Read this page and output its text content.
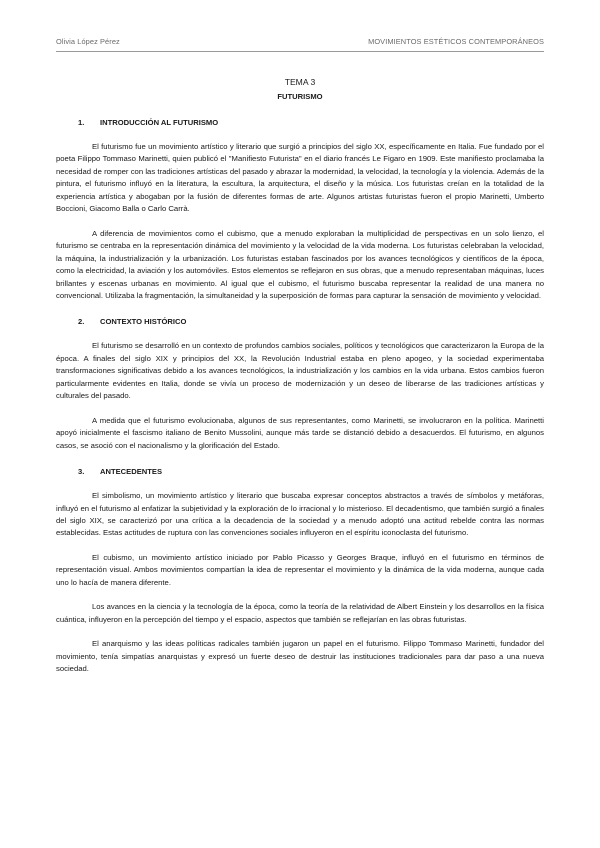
Olivia López Pérez	MOVIMIENTOS ESTÉTICOS CONTEMPORÁNEOS

TEMA 3

FUTURISMO

1. INTRODUCCIÓN AL FUTURISMO

El futurismo fue un movimiento artístico y literario que surgió a principios del siglo XX, específicamente en Italia. Fue fundado por el poeta Filippo Tommaso Marinetti, quien publicó el "Manifiesto Futurista" en el diario francés Le Figaro en 1909. Este manifiesto proclamaba la necesidad de romper con las tradiciones artísticas del pasado y abrazar la modernidad, la velocidad, la tecnología y la violencia. Además de la pintura, el futurismo influyó en la literatura, la escultura, la arquitectura, el diseño y la música. Los futuristas creían en la totalidad de la experiencia artística y abogaban por la fusión de diferentes formas de arte. Algunos artistas futuristas fueron el propio Marinetti, Umberto Boccioni, Giacomo Balla o Carlo Carrà.

A diferencia de movimientos como el cubismo, que a menudo exploraban la multiplicidad de perspectivas en un solo lienzo, el futurismo se centraba en la representación dinámica del movimiento y la velocidad de la vida moderna. Los futuristas celebraban la velocidad, la máquina, la industrialización y la urbanización. Los futuristas estaban fascinados por los avances tecnológicos y científicos de la época, como la electricidad, la aviación y los automóviles. Estos elementos se reflejaron en sus obras, que a menudo representaban máquinas, luces brillantes y escenas urbanas en movimiento. Al igual que el cubismo, el futurismo buscaba representar la realidad de una manera no convencional. Utilizaba la fragmentación, la simultaneidad y la superposición de formas para capturar la sensación de movimiento y velocidad.

2. CONTEXTO HISTÓRICO

El futurismo se desarrolló en un contexto de profundos cambios sociales, políticos y tecnológicos que caracterizaron la Europa de la época. A finales del siglo XIX y principios del XX, la Revolución Industrial estaba en pleno apogeo, y la sociedad experimentaba transformaciones significativas debido a los avances tecnológicos, la industrialización y los cambios en la vida urbana. Estos cambios fueron particularmente evidentes en Italia, donde se vivía un proceso de modernización y un deseo de liberarse de las tradiciones artísticas y culturales del pasado.

A medida que el futurismo evolucionaba, algunos de sus representantes, como Marinetti, se involucraron en la política. Marinetti apoyó inicialmente el fascismo italiano de Benito Mussolini, aunque más tarde se distanció debido a desacuerdos. El futurismo, en algunos casos, se asoció con el nacionalismo y la glorificación del Estado.

3. ANTECEDENTES

El simbolismo, un movimiento artístico y literario que buscaba expresar conceptos abstractos a través de símbolos y metáforas, influyó en el futurismo al enfatizar la subjetividad y la exploración de lo irracional y lo misterioso. El decadentismo, que también surgió a finales del siglo XIX, se caracterizó por una crítica a la decadencia de la sociedad y a menudo adoptó una actitud rebelde contra las normas establecidas. Estas actitudes de ruptura con las convenciones sociales influyeron en el espíritu iconoclasta del futurismo.

El cubismo, un movimiento artístico iniciado por Pablo Picasso y Georges Braque, influyó en el futurismo en términos de representación visual. Ambos movimientos compartían la idea de representar el movimiento y la dinámica de la vida moderna, aunque cada uno lo hacía de manera diferente.

Los avances en la ciencia y la tecnología de la época, como la teoría de la relatividad de Albert Einstein y los desarrollos en la física cuántica, influyeron en la percepción del tiempo y el espacio, aspectos que también se reflejarían en las obras futuristas.

El anarquismo y las ideas políticas radicales también jugaron un papel en el futurismo. Filippo Tommaso Marinetti, fundador del movimiento, tenía simpatías anarquistas y expresó un fuerte deseo de destruir las instituciones tradicionales para dar paso a una nueva sociedad.
